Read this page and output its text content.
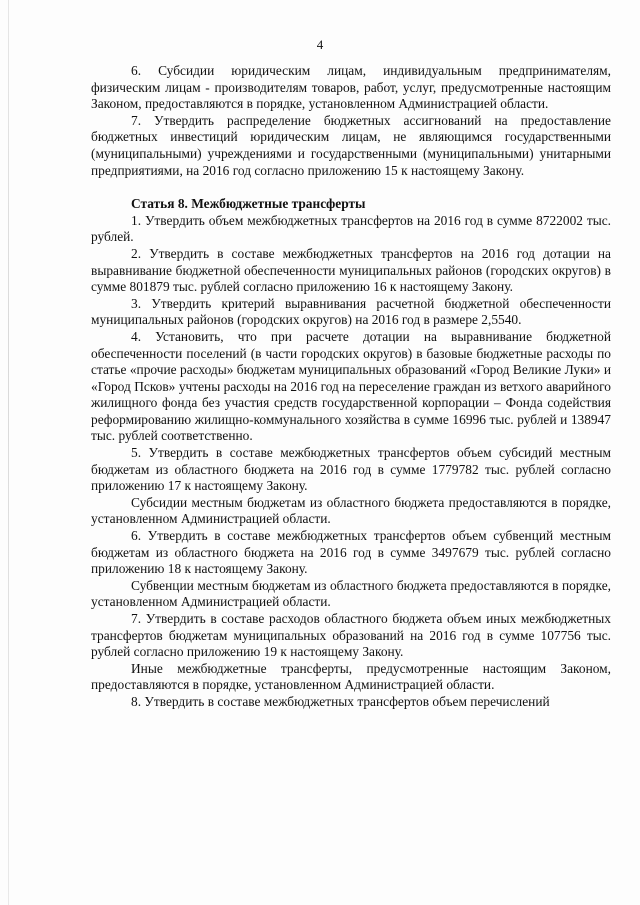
4

6. Субсидии юридическим лицам, индивидуальным предпринимателям, физическим лицам - производителям товаров, работ, услуг, предусмотренные настоящим Законом, предоставляются в порядке, установленном Администрацией области.

7. Утвердить распределение бюджетных ассигнований на предоставление бюджетных инвестиций юридическим лицам, не являющимся государственными (муниципальными) учреждениями и государственными (муниципальными) унитарными предприятиями, на 2016 год согласно приложению 15 к настоящему Закону.

Статья 8. Межбюджетные трансферты

1. Утвердить объем межбюджетных трансфертов на 2016 год в сумме 8722002 тыс. рублей.

2. Утвердить в составе межбюджетных трансфертов на 2016 год дотации на выравнивание бюджетной обеспеченности муниципальных районов (городских округов) в сумме 801879 тыс. рублей согласно приложению 16 к настоящему Закону.

3. Утвердить критерий выравнивания расчетной бюджетной обеспеченности муниципальных районов (городских округов) на 2016 год в размере 2,5540.

4. Установить, что при расчете дотации на выравнивание бюджетной обеспеченности поселений (в части городских округов) в базовые бюджетные расходы по статье «прочие расходы» бюджетам муниципальных образований «Город Великие Луки» и «Город Псков» учтены расходы на 2016 год на переселение граждан из ветхого аварийного жилищного фонда без участия средств государственной корпорации – Фонда содействия реформированию жилищно-коммунального хозяйства в сумме 16996 тыс. рублей и 138947 тыс. рублей соответственно.

5. Утвердить в составе межбюджетных трансфертов объем субсидий местным бюджетам из областного бюджета на 2016 год в сумме 1779782 тыс. рублей согласно приложению 17 к настоящему Закону.

Субсидии местным бюджетам из областного бюджета предоставляются в порядке, установленном Администрацией области.

6. Утвердить в составе межбюджетных трансфертов объем субвенций местным бюджетам из областного бюджета на 2016 год в сумме 3497679 тыс. рублей согласно приложению 18 к настоящему Закону.

Субвенции местным бюджетам из областного бюджета предоставляются в порядке, установленном Администрацией области.

7. Утвердить в составе расходов областного бюджета объем иных межбюджетных трансфертов бюджетам муниципальных образований на 2016 год в сумме 107756 тыс. рублей согласно приложению 19 к настоящему Закону.

Иные межбюджетные трансферты, предусмотренные настоящим Законом, предоставляются в порядке, установленном Администрацией области.

8. Утвердить в составе межбюджетных трансфертов объем перечислений
